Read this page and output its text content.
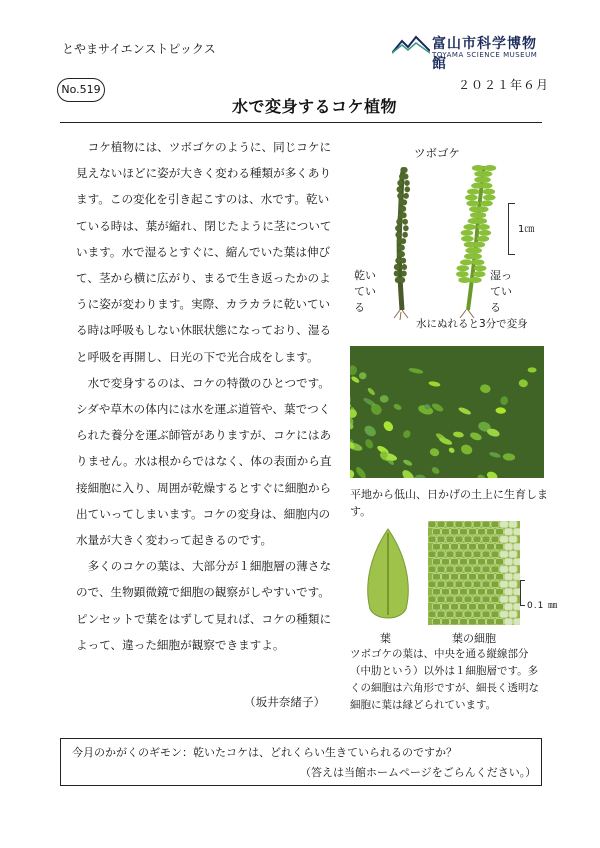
とやまサイエンストピックス	富山市科学博物館
TOYAMA SCIENCE MUSEUM
No.519	２０２１年６月
水で変身するコケ植物

コケ植物には、ツボゴケのように、同じコケに見えないほどに姿が大きく変わる種類が多くあります。この変化を引き起こすのは、水です。乾いている時は、葉が縮れ、閉じたように茎についています。水で湿るとすぐに、縮んでいた葉は伸びて、茎から横に広がり、まるで生き返ったかのように姿が変わります。実際、カラカラに乾いている時は呼吸もしない休眠状態になっており、湿ると呼吸を再開し、日光の下で光合成をします。

水で変身するのは、コケの特徴のひとつです。シダや草木の体内には水を運ぶ道管や、葉でつくられた養分を運ぶ師管がありますが、コケにはありません。水は根からではなく、体の表面から直接細胞に入り、周囲が乾燥するとすぐに細胞から出ていってしまいます。コケの変身は、細胞内の水量が大きく変わって起きるのです。

多くのコケの葉は、大部分が１細胞層の薄さなので、生物顕微鏡で細胞の観察がしやすいです。ピンセットで葉をはずして見れば、コケの種類によって、違った細胞が観察できますよ。

（坂井奈緒子）
ツボゴケ
1㎝
乾いている
湿っている
水にぬれると3分で変身
平地から低山、日かげの土上に生育します。
0.1 ㎜
葉	葉の細胞
ツボゴケの葉は、中央を通る縦線部分（中肋という）以外は１細胞層です。多くの細胞は六角形ですが、細長く透明な細胞に葉は縁どられています。
今月のかがくのギモン：乾いたコケは、どれくらい生きていられるのですか？
（答えは当館ホームページをごらんください。）
